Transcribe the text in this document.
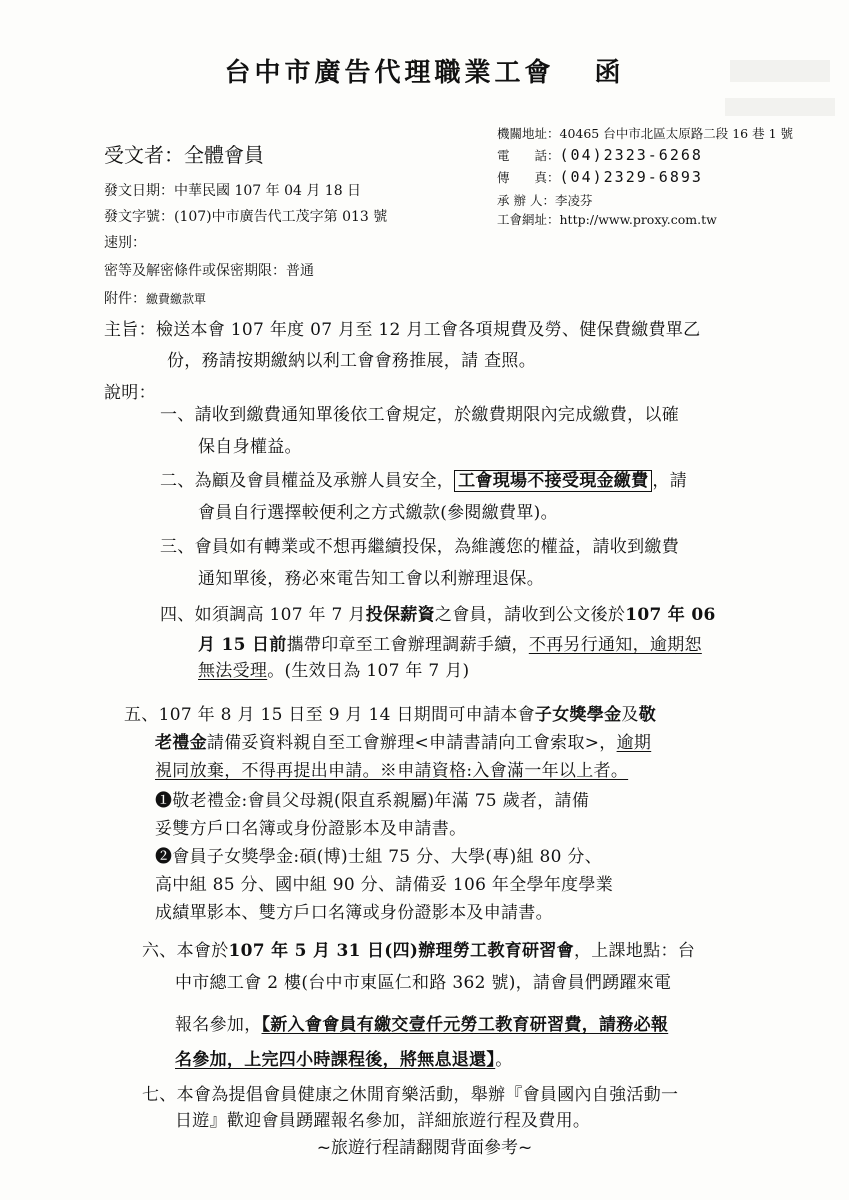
台中市廣告代理職業工會 函
受文者：全體會員
機關地址：40465 台中市北區太原路二段 16 巷 1 號
電　　話：(04)2323-6268
傳　　真：(04)2329-6893
承 辦 人：李凌芬
工會網址：http://www.proxy.com.tw
發文日期：中華民國 107 年 04 月 18 日
發文字號：(107)中市廣告代工茂字第 013 號
速別：
密等及解密條件或保密期限：普通
附件：繳費繳款單
主旨：檢送本會 107 年度 07 月至 12 月工會各項規費及勞、健保費繳費單乙
份，務請按期繳納以利工會會務推展，請 查照。
說明：
一、請收到繳費通知單後依工會規定，於繳費期限內完成繳費，以確
保自身權益。
二、為顧及會員權益及承辦人員安全， 工會現場不接受現金繳費 ，請
會員自行選擇較便利之方式繳款(參閱繳費單)。
三、會員如有轉業或不想再繼續投保，為維護您的權益，請收到繳費
通知單後，務必來電告知工會以利辦理退保。
四、如須調高 107 年 7 月投保薪資之會員，請收到公文後於107 年 06
月 15 日前攜帶印章至工會辦理調薪手續，不再另行通知，逾期恕
無法受理。(生效日為 107 年 7 月)
五、107 年 8 月 15 日至 9 月 14 日期間可申請本會子女獎學金及敬
老禮金請備妥資料親自至工會辦理<申請書請向工會索取>，逾期
視同放棄，不得再提出申請。※申請資格:入會滿一年以上者。
❶敬老禮金:會員父母親(限直系親屬)年滿 75 歲者，請備
妥雙方戶口名簿或身份證影本及申請書。
❷會員子女獎學金:碩(博)士組 75 分、大學(專)組 80 分、
高中組 85 分、國中組 90 分、請備妥 106 年全學年度學業
成績單影本、雙方戶口名簿或身份證影本及申請書。
六、本會於107 年 5 月 31 日(四)辦理勞工教育研習會，上課地點：台
中市總工會 2 樓(台中市東區仁和路 362 號)，請會員們踴躍來電
報名參加，【新入會會員有繳交壹仟元勞工教育研習費，請務必報
名參加，上完四小時課程後，將無息退還】。
七、本會為提倡會員健康之休閒育樂活動，舉辦『會員國內自強活動一
日遊』歡迎會員踴躍報名參加，詳細旅遊行程及費用。
~旅遊行程請翻閱背面參考~
